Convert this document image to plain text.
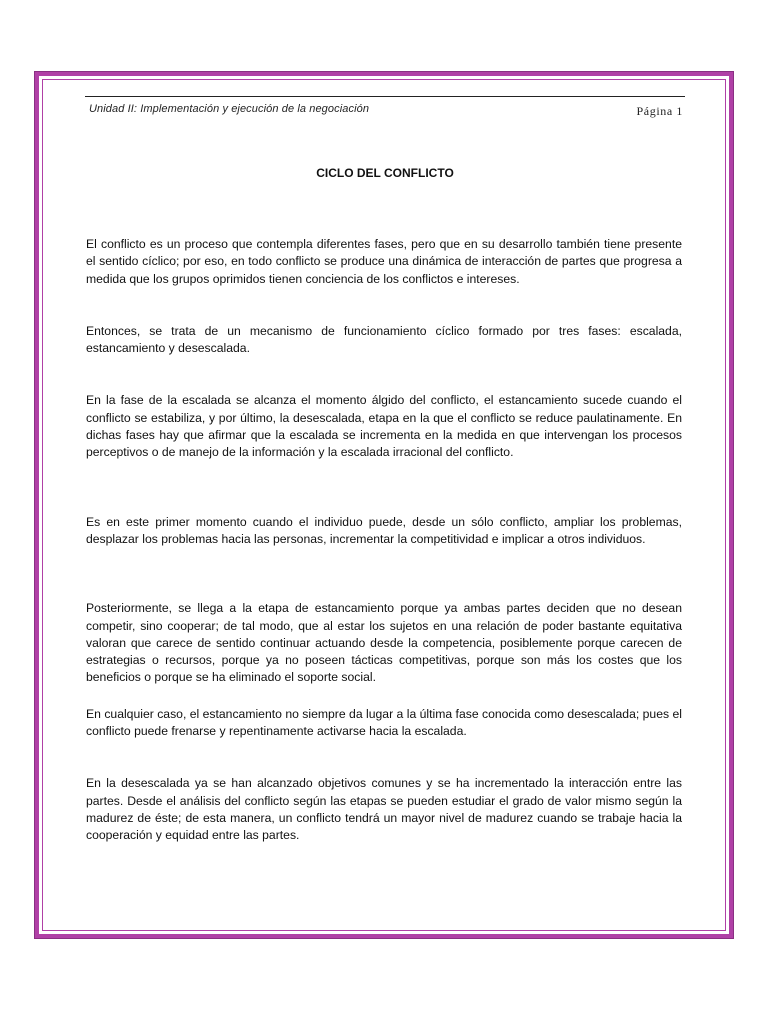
Unidad II: Implementación y ejecución de la negociación	Página 1
CICLO DEL CONFLICTO

El conflicto es un proceso que contempla diferentes fases, pero que en su desarrollo también tiene presente el sentido cíclico; por eso, en todo conflicto se produce una dinámica de interacción de partes que progresa a medida que los grupos oprimidos tienen conciencia de los conflictos e intereses.

Entonces, se trata de un mecanismo de funcionamiento cíclico formado por tres fases: escalada, estancamiento y desescalada.

En la fase de la escalada se alcanza el momento álgido del conflicto, el estancamiento sucede cuando el conflicto se estabiliza, y por último, la desescalada, etapa en la que el conflicto se reduce paulatinamente. En dichas fases hay que afirmar que la escalada se incrementa en la medida en que intervengan los procesos perceptivos o de manejo de la información y la escalada irracional del conflicto.

Es en este primer momento cuando el individuo puede, desde un sólo conflicto, ampliar los problemas, desplazar los problemas hacia las personas, incrementar la competitividad e implicar a otros individuos.

Posteriormente, se llega a la etapa de estancamiento porque ya ambas partes deciden que no desean competir, sino cooperar; de tal modo, que al estar los sujetos en una relación de poder bastante equitativa valoran que carece de sentido continuar actuando desde la competencia, posiblemente porque carecen de estrategias o recursos, porque ya no poseen tácticas competitivas, porque son más los costes que los beneficios o porque se ha eliminado el soporte social.

En cualquier caso, el estancamiento no siempre da lugar a la última fase conocida como desescalada; pues el conflicto puede frenarse y repentinamente activarse hacia la escalada.

En la desescalada ya se han alcanzado objetivos comunes y se ha incrementado la interacción entre las partes. Desde el análisis del conflicto según las etapas se pueden estudiar el grado de valor mismo según la madurez de éste; de esta manera, un conflicto tendrá un mayor nivel de madurez cuando se trabaje hacia la cooperación y equidad entre las partes.
